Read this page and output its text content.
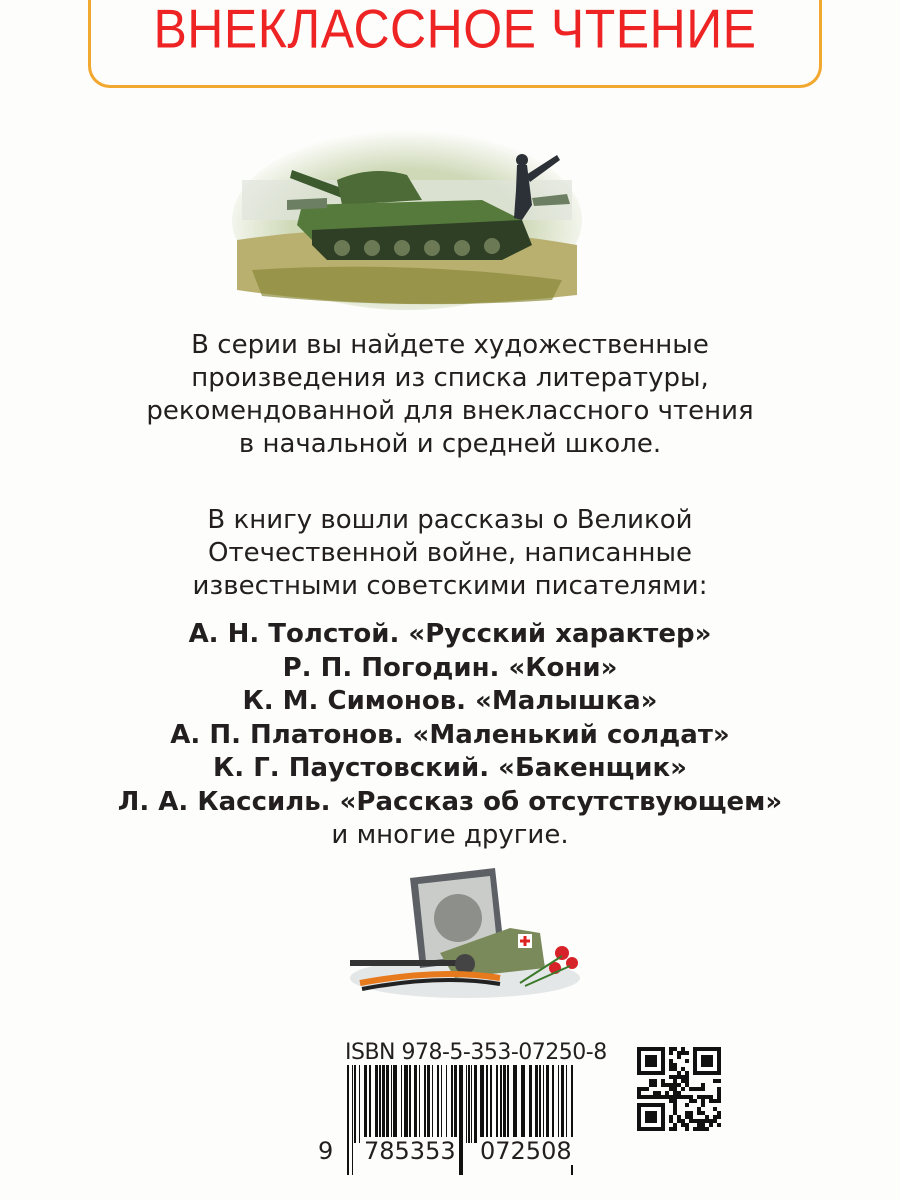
ВНЕКЛАССНОЕ ЧТЕНИЕ
В серии вы найдете художественные
произведения из списка литературы,
рекомендованной для внеклассного чтения
в начальной и средней школе.
В книгу вошли рассказы о Великой
Отечественной войне, написанные
известными советскими писателями:
А. Н. Толстой. «Русский характер»
Р. П. Погодин. «Кони»
К. М. Симонов. «Малышка»
А. П. Платонов. «Маленький солдат»
К. Г. Паустовский. «Бакенщик»
Л. А. Кассиль. «Рассказ об отсутствующем»
и многие другие.
ISBN 978-5-353-07250-8
9 785353 072508
